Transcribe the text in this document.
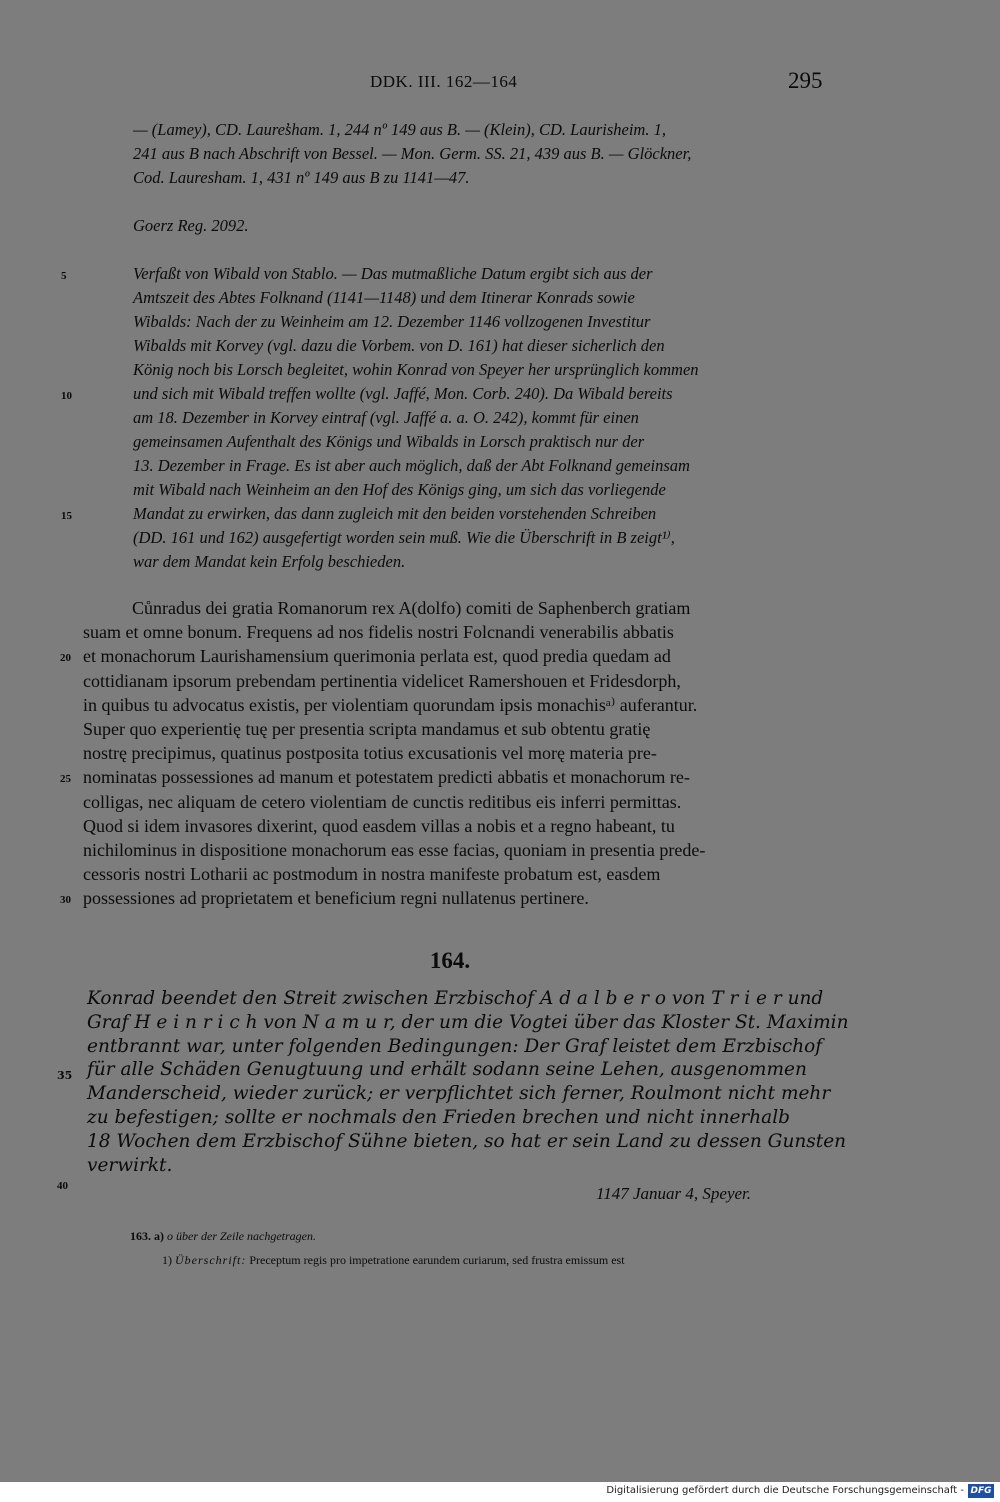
DDK. III. 162—164	295
— (Lamey), CD. Laure̛sham. 1, 244 nº 149 aus B. — (Klein), CD. Laurisheim. 1,
241 aus B nach Abschrift von Bessel. — Mon. Germ. SS. 21, 439 aus B. — Glöckner,
Cod. Lauresham. 1, 431 nº 149 aus B zu 1141—47.
Goerz Reg. 2092.
5	Verfaßt von Wibald von Stablo. — Das mutmaßliche Datum ergibt sich aus der
Amtszeit des Abtes Folknand (1141—1148) und dem Itinerar Konrads sowie
Wibalds: Nach der zu Weinheim am 12. Dezember 1146 vollzogenen Investitur
Wibalds mit Korvey (vgl. dazu die Vorbem. von D. 161) hat dieser sicherlich den
König noch bis Lorsch begleitet, wohin Konrad von Speyer her ursprünglich kommen
10	und sich mit Wibald treffen wollte (vgl. Jaffé, Mon. Corb. 240). Da Wibald bereits
am 18. Dezember in Korvey eintraf (vgl. Jaffé a. a. O. 242), kommt für einen
gemeinsamen Aufenthalt des Königs und Wibalds in Lorsch praktisch nur der
13. Dezember in Frage. Es ist aber auch möglich, daß der Abt Folknand gemeinsam
mit Wibald nach Weinheim an den Hof des Königs ging, um sich das vorliegende
15	Mandat zu erwirken, das dann zugleich mit den beiden vorstehenden Schreiben
(DD. 161 und 162) ausgefertigt worden sein muß. Wie die Überschrift in B zeigt¹⁾,
war dem Mandat kein Erfolg beschieden.
Cůnradus dei gratia Romanorum rex A(dolfo) comiti de Saphenberch gratiam
suam et omne bonum. Frequens ad nos fidelis nostri Folcnandi venerabilis abbatis
20 et monachorum Laurishamensium querimonia perlata est, quod predia quedam ad
cottidianam ipsorum prebendam pertinentia videlicet Ramershouen et Fridesdorph,
in quibus tu advocatus existis, per violentiam quorundam ipsis monachisᵃ⁾ auferantur.
Super quo experientię tuę per presentia scripta mandamus et sub obtentu gratię
nostrę precipimus, quatinus postposita totius excusationis vel morę materia pre-
25 nominatas possessiones ad manum et potestatem predicti abbatis et monachorum re-
colligas, nec aliquam de cetero violentiam de cunctis reditibus eis inferri permittas.
Quod si idem invasores dixerint, quod easdem villas a nobis et a regno habeant, tu
nichilominus in dispositione monachorum eas esse facias, quoniam in presentia prede-
cessoris nostri Lotharii ac postmodum in nostra manifeste probatum est, easdem
30 possessiones ad proprietatem et beneficium regni nullatenus pertinere.
164.
Konrad beendet den Streit zwischen Erzbischof A d a l b e r o von T r i e r und
Graf H e i n r i c h von N a m u r, der um die Vogtei über das Kloster St. Maximin
entbrannt war, unter folgenden Bedingungen: Der Graf leistet dem Erzbischof
35 für alle Schäden Genugtuung und erhält sodann seine Lehen, ausgenommen
Manderscheid, wieder zurück; er verpflichtet sich ferner, Roulmont nicht mehr
zu befestigen; sollte er nochmals den Frieden brechen und nicht innerhalb
18 Wochen dem Erzbischof Sühne bieten, so hat er sein Land zu dessen Gunsten
verwirkt.
40	1147 Januar 4, Speyer.
163. a) o über der Zeile nachgetragen.
1) Überschrift: Preceptum regis pro impetratione earundem curiarum, sed frustra emissum est
Digitalisierung gefördert durch die Deutsche Forschungsgemeinschaft - DFG
